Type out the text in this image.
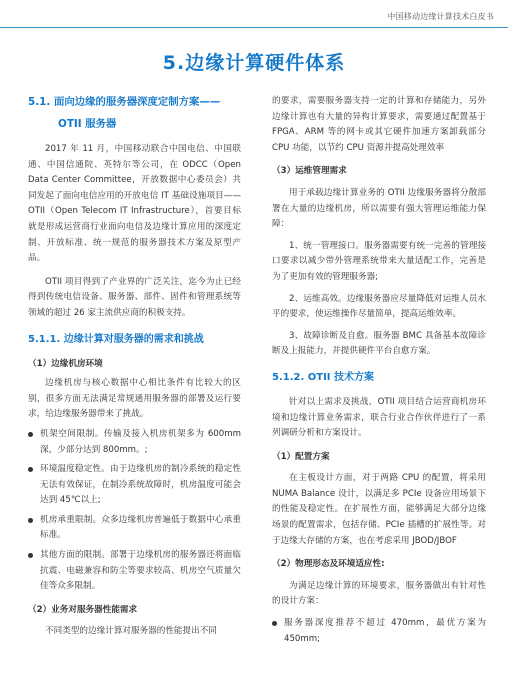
中国移动边缘计算技术白皮书
5.边缘计算硬件体系
5.1. 面向边缘的服务器深度定制方案——
OTII 服务器

2017 年 11 月，中国移动联合中国电信、中国联通、中国信通院、英特尔等公司，在 ODCC（Open Data Center Committee，开放数据中心委员会）共同发起了面向电信应用的开放电信 IT 基础设施项目——OTII（Open Telecom IT Infrastructure），首要目标就是形成运营商行业面向电信及边缘计算应用的深度定制、开放标准、统一规范的服务器技术方案及原型产品。

OTII 项目得到了产业界的广泛关注，迄今为止已经得到传统电信设备、服务器、部件、固件和管理系统等领域的超过 26 家主流供应商的积极支持。

5.1.1. 边缘计算对服务器的需求和挑战
（1）边缘机房环境

边缘机房与核心数据中心相比条件有比较大的区别，很多方面无法满足常规通用服务器的部署及运行要求，给边缘服务器带来了挑战。

机架空间限制。传输及接入机房机架多为 600mm 深，少部分达到 800mm。;

环境温度稳定性。由于边缘机房的制冷系统的稳定性无法有效保证，在制冷系统故障时，机房温度可能会达到 45℃以上;

机房承重限制。众多边缘机房普遍低于数据中心承重标准。

其他方面的限制。部署于边缘机房的服务器还将面临抗震、电磁兼容和防尘等要求较高、机房空气质量欠佳等众多限制。

（2）业务对服务器性能需求

不同类型的边缘计算对服务器的性能提出不同

的要求，需要服务器支持一定的计算和存储能力，另外边缘计算也有大量的异构计算要求，需要通过配置基于 FPGA、ARM 等的网卡或其它硬件加速方案卸载部分 CPU 功能，以节约 CPU 资源并提高处理效率

（3）运维管理需求

用于承载边缘计算业务的 OTII 边缘服务器将分散部署在大量的边缘机房，所以需要有强大管理运维能力保障：

1、统一管理接口。服务器需要有统一完善的管理接口要求以减少带外管理系统带来大量适配工作，完善是为了更加有效的管理服务器;

2、运维高效。边缘服务器应尽量降低对运维人员水平的要求，使运维操作尽量简单，提高运维效率。

3、故障诊断及自愈。服务器 BMC 具备基本故障诊断及上报能力，并提供硬件平台自愈方案。

5.1.2. OTII 技术方案

针对以上需求及挑战，OTII 项目结合运营商机房环境和边缘计算业务需求，联合行业合作伙伴进行了一系列调研分析和方案设计。

（1）配置方案

在主板设计方面，对于两路 CPU 的配置，将采用 NUMA Balance 设计，以满足多 PCIe 设备应用场景下的性能及稳定性。在扩展性方面，能够满足大部分边缘场景的配置需求，包括存储、PCIe 插槽的扩展性等。对于边缘大存储的方案，也在考虑采用 JBOD/JBOF

（2）物理形态及环境适应性:

为满足边缘计算的环境要求，服务器做出有针对性的设计方案：

服务器深度推荐不超过 470mm，最优方案为 450mm;
